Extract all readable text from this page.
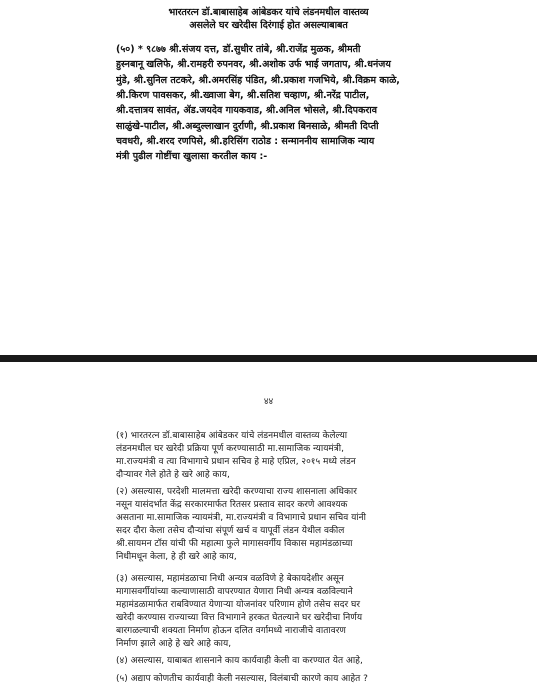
भारतरत्न डॉ.बाबासाहेब आंबेडकर यांचे लंडनमधील वास्तव्य
असलेले घर खरेदीस दिरंगाई होत असल्याबाबत
(५०) * ९८७७ श्री.संजय दत्त, डॉ.सुधीर तांबे, श्री.राजेंद्र मुळक, श्रीमती
हुस्नबानू खलिफे, श्री.रामहरी रुपनवर, श्री.अशोक उर्फ भाई जगताप, श्री.धनंजय
मुंडे, श्री.सुनिल तटकरे, श्री.अमरसिंह पंडित, श्री.प्रकाश गजभिये, श्री.विक्रम काळे,
श्री.किरण पावसकर, श्री.ख्वाजा बेग, श्री.सतिश चव्हाण, श्री.नरेंद्र पाटील,
श्री.दत्तात्रय सावंत, ॲड.जयदेव गायकवाड, श्री.अनिल भोसले, श्री.दिपकराव
साळुंखे-पाटील, श्री.अब्दुल्लाखान दुर्राणी, श्री.प्रकाश बिनसाळे, श्रीमती दिप्ती
चवधरी, श्री.शरद रणपिसे, श्री.हरिसिंग राठोड : सन्माननीय सामाजिक न्याय
मंत्री पुढील गोष्टींचा खुलासा करतील काय :-
४४
(१) भारतरत्न डॉ.बाबासाहेब आंबेडकर यांचे लंडनमधील वास्तव्य केलेल्या
लंडनमधील घर खरेदी प्रक्रिया पूर्ण करण्यासाठी मा.सामाजिक न्यायमंत्री,
मा.राज्यमंत्री व त्या विभागाचे प्रधान सचिव हे माहे एप्रिल, २०१५ मध्ये लंडन
दौऱ्यावर गेले होते हे खरे आहे काय,
(२) असल्यास, परदेशी मालमत्ता खरेदी करण्याचा राज्य शासनाला अधिकार
नसून यासंदर्भात केंद्र सरकारमार्फत रितसर प्रस्ताव सादर करणे आवश्यक
असताना मा.सामाजिक न्यायमंत्री, मा.राज्यमंत्री व विभागाचे प्रधान सचिव यांनी
सदर दौरा केला तसेच दौऱ्यांचा संपूर्ण खर्च व यापूर्वी लंडन येथील वकील
श्री.सायमन टॉस यांची फी महात्मा फुले मागासवर्गीय विकास महामंडळाच्या
निधीमधून केला, हे ही खरे आहे काय,
(३) असल्यास, महामंडळाचा निधी अन्यत्र वळविणे हे बेकायदेशीर असून
मागासवर्गीयांच्या कल्याणासाठी वापरण्यात येणारा निधी अन्यत्र वळविल्याने
महामंडळामार्फत राबविण्यात येणाऱ्या योजनांवर परिणाम होणे तसेच सदर घर
खरेदी करण्यास राज्याच्या वित्त विभागाने हरकत घेतल्याने घर खरेदीचा निर्णय
बारगळल्याची शक्यता निर्माण होऊन दलित वर्गामध्ये नाराजीचे वातावरण
निर्माण झाले आहे हे खरे आहे काय,
(४) असल्यास, याबाबत शासनाने काय कार्यवाही केली वा करण्यात येत आहे,
(५) अद्याप कोणतीच कार्यवाही केली नसल्यास, विलंबाची कारणे काय आहेत ?
